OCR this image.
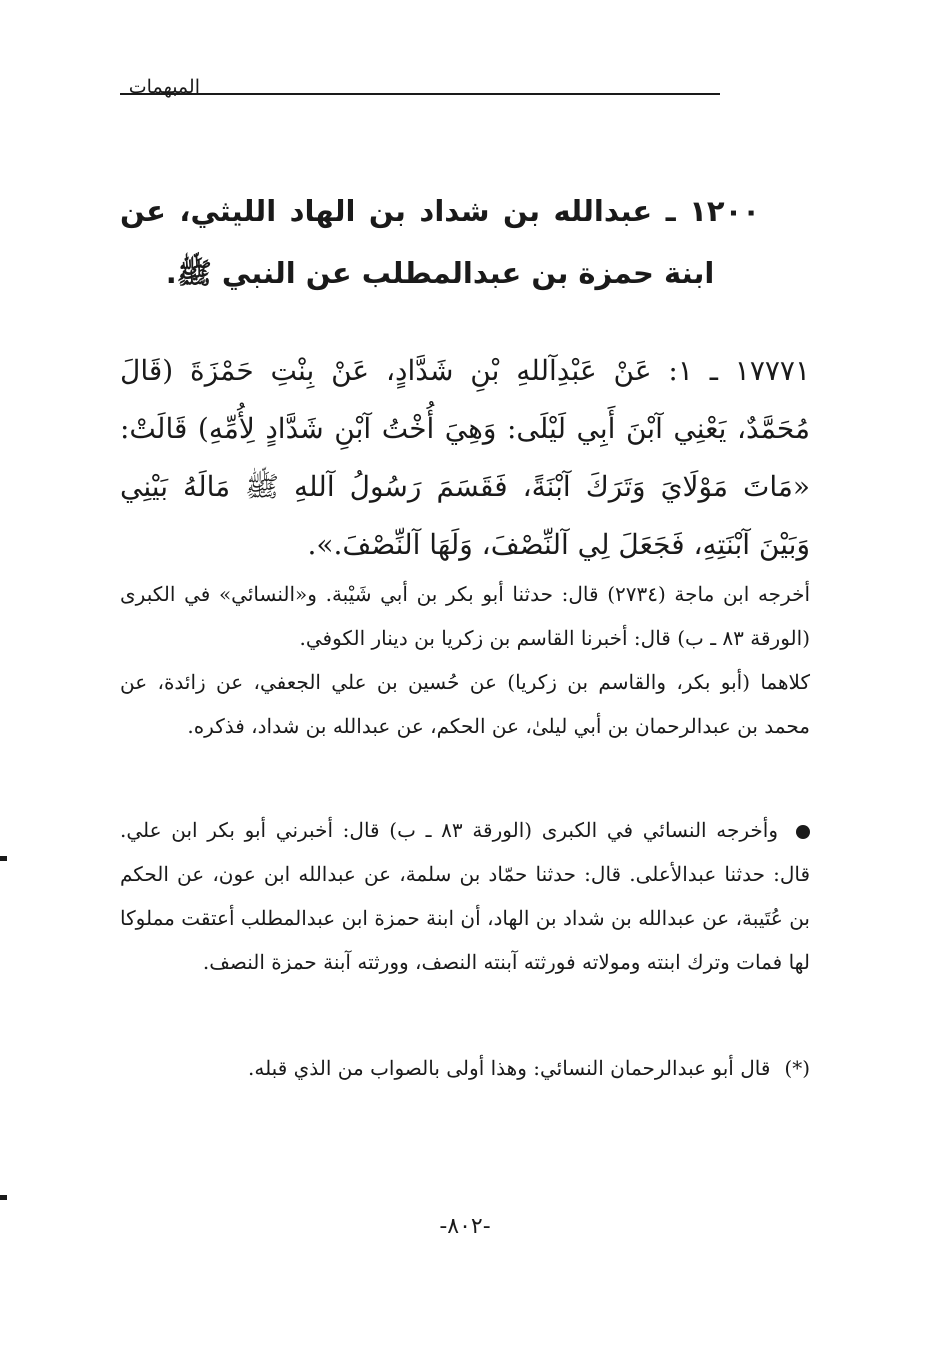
المبهمات
١٢٠٠ ـ عبدالله بن شداد بن الهاد الليثي، عن ابنة حمزة بن عبدالمطلب عن النبي ﷺ.
١٧٧٧١ ـ ١: عَنْ عَبْدِآللهِ بْنِ شَدَّادٍ، عَنْ بِنْتِ حَمْزَةَ (قَالَ مُحَمَّدٌ، يَعْنِي آبْنَ أَبِي لَيْلَى: وَهِيَ أُخْتُ آبْنِ شَدَّادٍ لِأُمِّهِ) قَالَتْ: «مَاتَ مَوْلَايَ وَتَرَكَ آبْنَةً، فَقَسَمَ رَسُولُ آللهِ ﷺ مَالَهُ بَيْنِي وَبَيْنَ آبْنَتِهِ، فَجَعَلَ لِي آلنِّصْفَ، وَلَهَا آلنِّصْفَ.».
أخرجه ابن ماجة (٢٧٣٤) قال: حدثنا أبو بكر بن أبي شَيْبة. و«النسائي» في الكبرى (الورقة ٨٣ ـ ب) قال: أخبرنا القاسم بن زكريا بن دينار الكوفي.
كلاهما (أبو بكر، والقاسم بن زكريا) عن حُسين بن علي الجعفي، عن زائدة، عن محمد بن عبدالرحمان بن أبي ليلىٰ، عن الحكم، عن عبدالله بن شداد، فذكره.
وأخرجه النسائي في الكبرى (الورقة ٨٣ ـ ب) قال: أخبرني أبو بكر ابن علي. قال: حدثنا عبدالأعلى. قال: حدثنا حمّاد بن سلمة، عن عبدالله ابن عون، عن الحكم بن عُتَيبة، عن عبدالله بن شداد بن الهاد، أن ابنة حمزة ابن عبدالمطلب أعتقت مملوكا لها فمات وترك ابنته ومولاته فورثته آبنته النصف، وورثته آبنة حمزة النصف.
(*)قال أبو عبدالرحمان النسائي: وهذا أولى بالصواب من الذي قبله.
-٨٠٢-
